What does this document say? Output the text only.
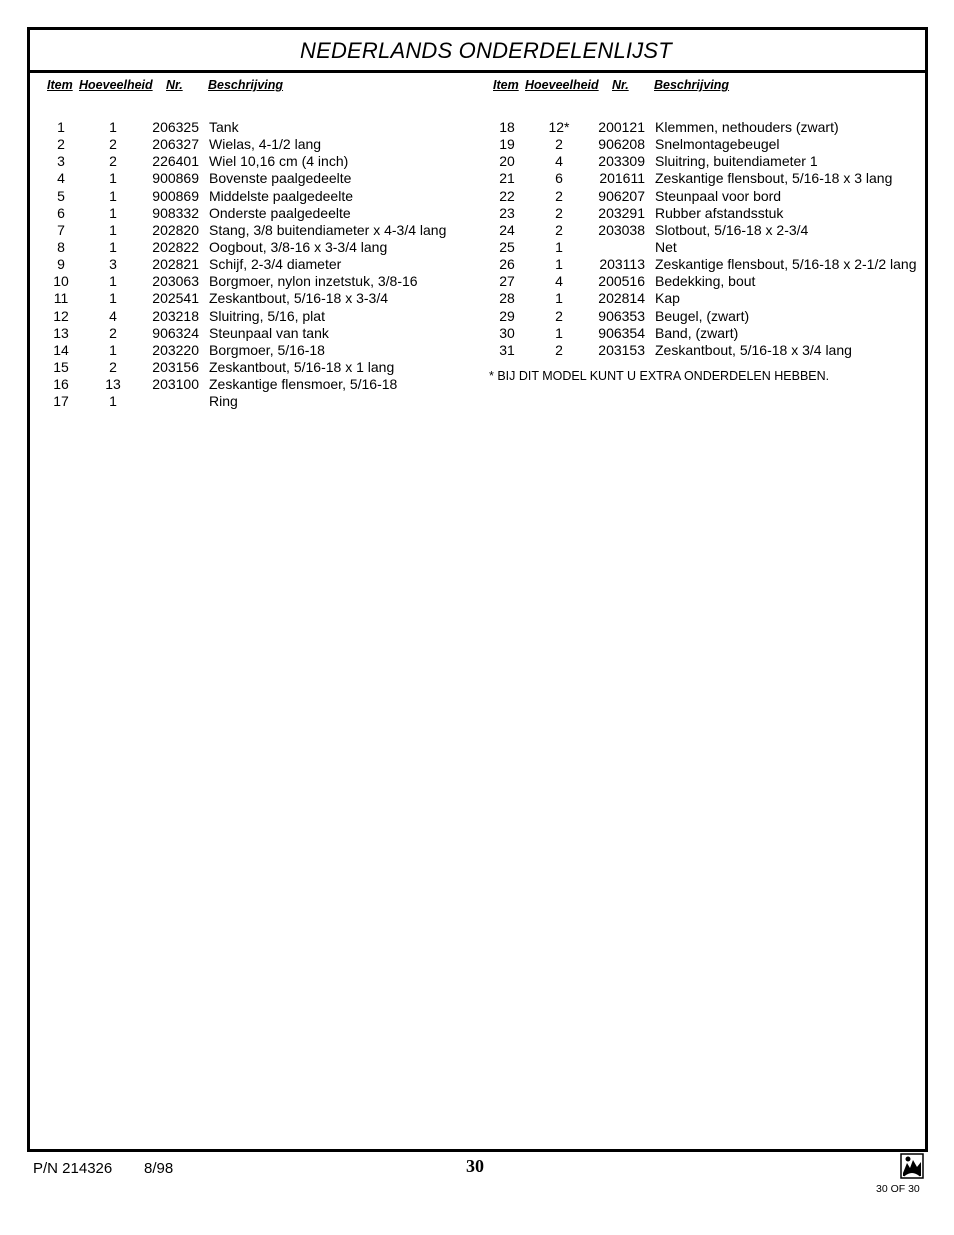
NEDERLANDS ONDERDELENLIJST
Item Hoeveelheid Nr. Beschrijving
1	1	206325 Tank
2	2	206327 Wielas, 4-1/2 lang
3	2	226401 Wiel 10,16 cm (4 inch)
4	1	900869 Bovenste paalgedeelte
5	1	900869 Middelste paalgedeelte
6	1	908332 Onderste paalgedeelte
7	1	202820 Stang, 3/8 buitendiameter x 4-3/4 lang
8	1	202822 Oogbout, 3/8-16 x 3-3/4 lang
9	3	202821 Schijf, 2-3/4 diameter
10	1	203063 Borgmoer, nylon inzetstuk, 3/8-16
11	1	202541 Zeskantbout, 5/16-18 x 3-3/4
12	4	203218 Sluitring, 5/16, plat
13	2	906324 Steunpaal van tank
14	1	203220 Borgmoer, 5/16-18
15	2	203156 Zeskantbout, 5/16-18 x 1 lang
16	13	203100 Zeskantige flensmoer, 5/16-18
17	1	Ring
Item Hoeveelheid Nr. Beschrijving
18	12*	200121 Klemmen, nethouders (zwart)
19	2	906208 Snelmontagebeugel
20	4	203309 Sluitring, buitendiameter 1
21	6	201611 Zeskantige flensbout, 5/16-18 x 3 lang
22	2	906207 Steunpaal voor bord
23	2	203291 Rubber afstandsstuk
24	2	203038 Slotbout, 5/16-18 x 2-3/4
25	1	Net
26	1	203113 Zeskantige flensbout, 5/16-18 x 2-1/2 lang
27	4	200516 Bedekking, bout
28	1	202814 Kap
29	2	906353 Beugel, (zwart)
30	1	906354 Band, (zwart)
31	2	203153 Zeskantbout, 5/16-18 x 3/4 lang
* BIJ DIT MODEL KUNT U EXTRA ONDERDELEN HEBBEN.
P/N 214326 8/98	30
30 OF 30
